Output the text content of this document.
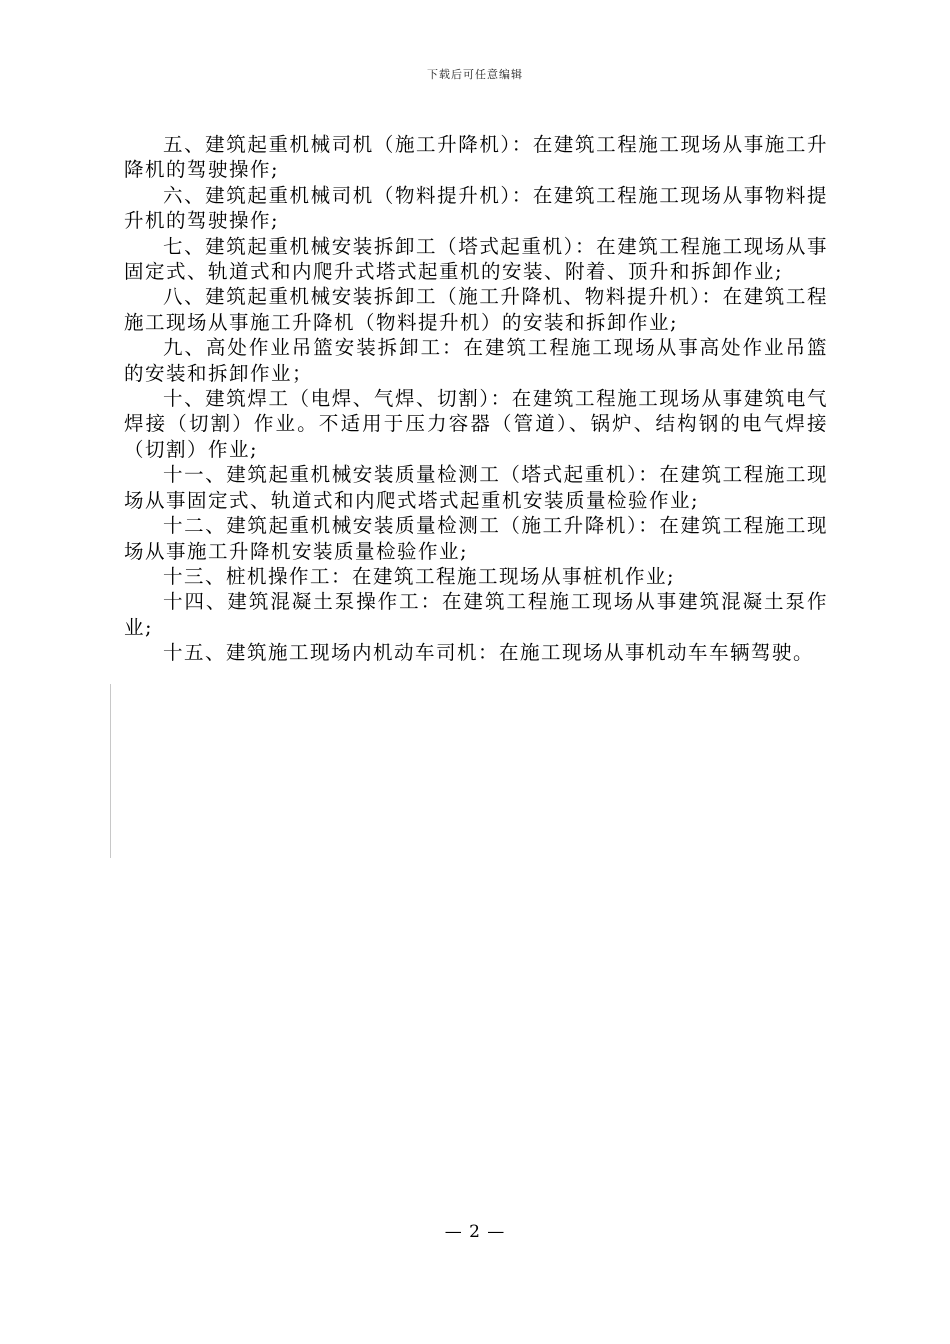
下载后可任意编辑

五、建筑起重机械司机（施工升降机）：在建筑工程施工现场从事施工升降机的驾驶操作;

六、建筑起重机械司机（物料提升机）：在建筑工程施工现场从事物料提升机的驾驶操作;

七、建筑起重机械安装拆卸工（塔式起重机）：在建筑工程施工现场从事固定式、轨道式和内爬升式塔式起重机的安装、附着、顶升和拆卸作业;

八、建筑起重机械安装拆卸工（施工升降机、物料提升机）：在建筑工程施工现场从事施工升降机（物料提升机）的安装和拆卸作业;

九、高处作业吊篮安装拆卸工：在建筑工程施工现场从事高处作业吊篮的安装和拆卸作业；

十、建筑焊工（电焊、气焊、切割）：在建筑工程施工现场从事建筑电气焊接（切割）作业。不适用于压力容器（管道）、锅炉、结构钢的电气焊接（切割）作业;

十一、建筑起重机械安装质量检测工（塔式起重机）：在建筑工程施工现场从事固定式、轨道式和内爬式塔式起重机安装质量检验作业;

十二、建筑起重机械安装质量检测工（施工升降机）：在建筑工程施工现场从事施工升降机安装质量检验作业;

十三、桩机操作工：在建筑工程施工现场从事桩机作业;

十四、建筑混凝土泵操作工：在建筑工程施工现场从事建筑混凝土泵作业;

十五、建筑施工现场内机动车司机：在施工现场从事机动车车辆驾驶。

— 2 —
